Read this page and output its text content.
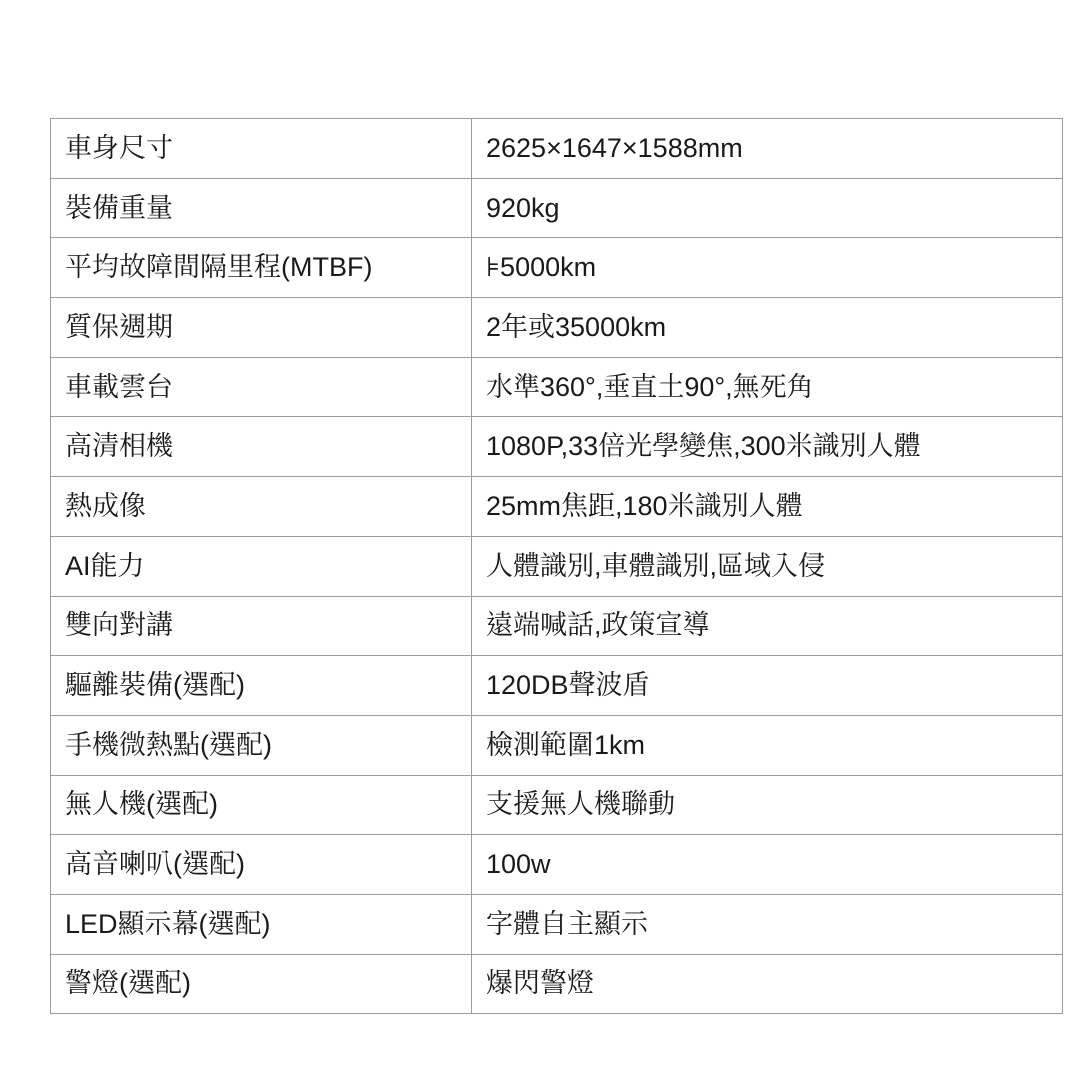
車身尺寸	2625×1647×1588mm
裝備重量	920kg
平均故障間隔里程(MTBF)	⊧5000km
質保週期	2年或35000km
車載雲台	水準360°,垂直土90°,無死角
高清相機	1080P,33倍光學變焦,300米識別人體
熱成像	25mm焦距,180米識別人體
AI能力	人體識別,車體識別,區域入侵
雙向對講	遠端喊話,政策宣導
驅離裝備(選配)	120DB聲波盾
手機微熱點(選配)	檢測範圍1km
無人機(選配)	支援無人機聯動
高音喇叭(選配)	100w
LED顯示幕(選配)	字體自主顯示
警燈(選配)	爆閃警燈
